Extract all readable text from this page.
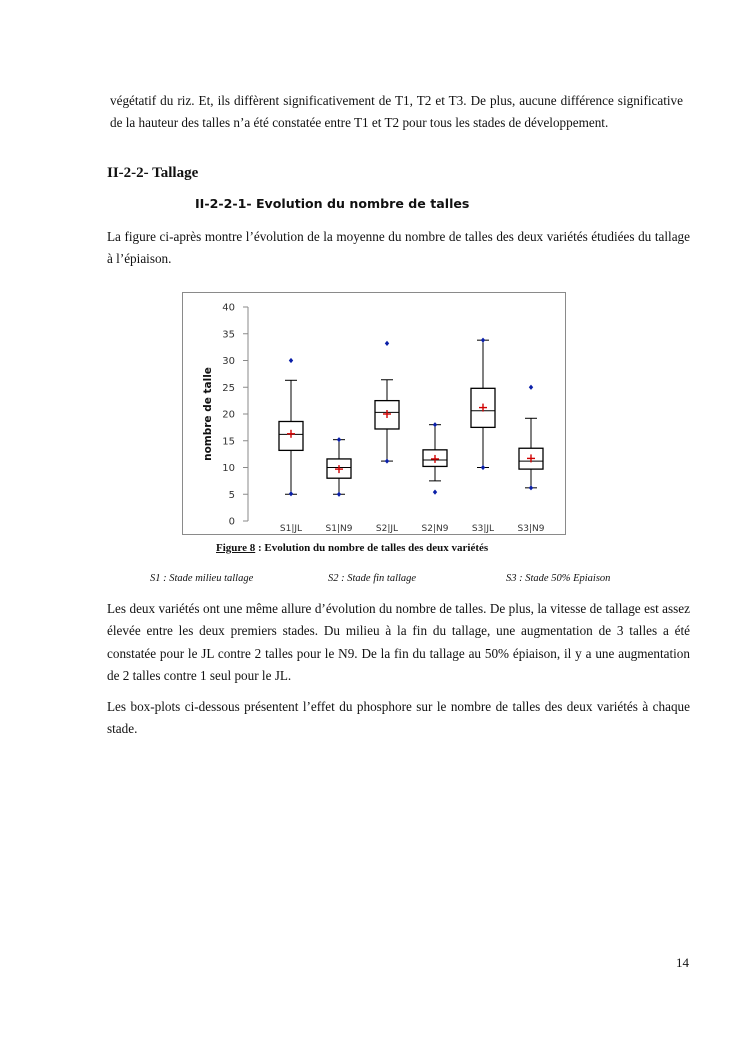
végétatif du riz. Et, ils diffèrent significativement de T1, T2 et T3. De plus, aucune différence significative de la hauteur des talles n’a été constatée entre T1 et T2 pour tous les stades de développement.

II-2-2- Tallage
II-2-2-1- Evolution du nombre de talles

La figure ci-après montre l’évolution de la moyenne du nombre de talles des deux variétés étudiées du tallage à l’épiaison.

0
5
10
15
20
25
30
35
40
S1|JL	S1|N9	S2|JL	S2|N9	S3|JL	S3|N9
nombre de talle

Figure 8 : Evolution du nombre de talles des deux variétés

S1 : Stade milieu tallage	S2 : Stade fin tallage	S3 : Stade 50% Epiaison

Les deux variétés ont une même allure d’évolution du nombre de talles. De plus, la vitesse de tallage est assez élevée entre les deux premiers stades. Du milieu à la fin du tallage, une augmentation de 3 talles a été constatée pour le JL contre 2 talles pour le N9. De la fin du tallage au 50% épiaison, il y a une augmentation de 2 talles contre 1 seul pour le JL.

Les box-plots ci-dessous présentent l’effet du phosphore sur le nombre de talles des deux variétés à chaque stade.

14
